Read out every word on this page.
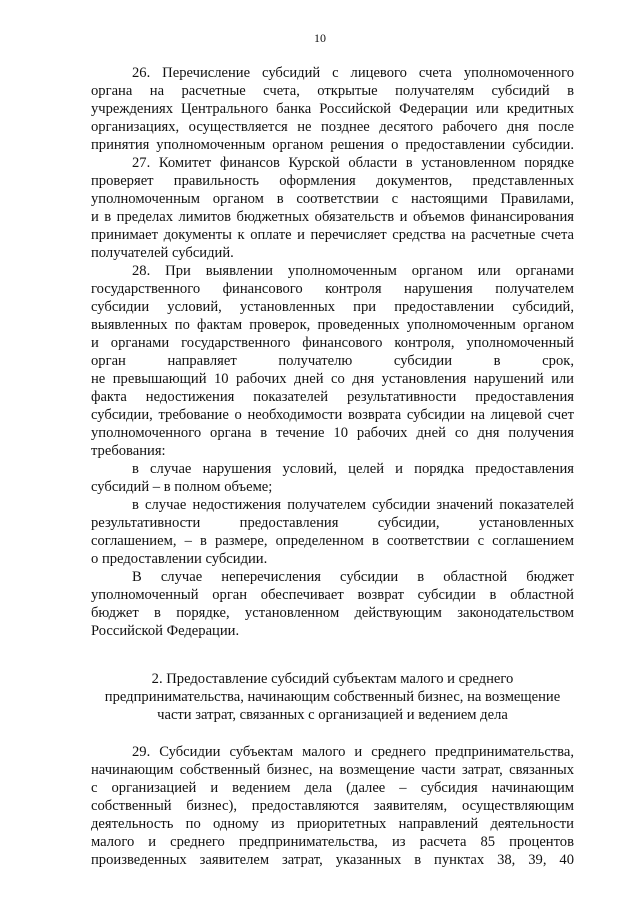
10
26. Перечисление субсидий с лицевого счета уполномоченного
органа на расчетные счета, открытые получателям субсидий в
учреждениях Центрального банка Российской Федерации или кредитных
организациях, осуществляется не позднее десятого рабочего дня после
принятия уполномоченным органом решения о предоставлении субсидии.
27. Комитет финансов Курской области в установленном порядке
проверяет правильность оформления документов, представленных
уполномоченным органом в соответствии с настоящими Правилами,
и в пределах лимитов бюджетных обязательств и объемов финансирования
принимает документы к оплате и перечисляет средства на расчетные счета
получателей субсидий.
28. При выявлении уполномоченным органом или органами
государственного финансового контроля нарушения получателем
субсидии условий, установленных при предоставлении субсидий,
выявленных по фактам проверок, проведенных уполномоченным органом
и органами государственного финансового контроля, уполномоченный
орган направляет получателю субсидии в срок,
не превышающий 10 рабочих дней со дня установления нарушений или
факта недостижения показателей результативности предоставления
субсидии, требование о необходимости возврата субсидии на лицевой счет
уполномоченного органа в течение 10 рабочих дней со дня получения
требования:
в случае нарушения условий, целей и порядка предоставления
субсидий – в полном объеме;
в случае недостижения получателем субсидии значений показателей
результативности предоставления субсидии, установленных
соглашением, – в размере, определенном в соответствии с соглашением
о предоставлении субсидии.
В случае неперечисления субсидии в областной бюджет
уполномоченный орган обеспечивает возврат субсидии в областной
бюджет в порядке, установленном действующим законодательством
Российской Федерации.
2. Предоставление субсидий субъектам малого и среднего
предпринимательства, начинающим собственный бизнес, на возмещение
части затрат, связанных с организацией и ведением дела
29. Субсидии субъектам малого и среднего предпринимательства,
начинающим собственный бизнес, на возмещение части затрат, связанных
с организацией и ведением дела (далее – субсидия начинающим
собственный бизнес), предоставляются заявителям, осуществляющим
деятельность по одному из приоритетных направлений деятельности
малого и среднего предпринимательства, из расчета 85 процентов
произведенных заявителем затрат, указанных в пунктах 38, 39, 40
